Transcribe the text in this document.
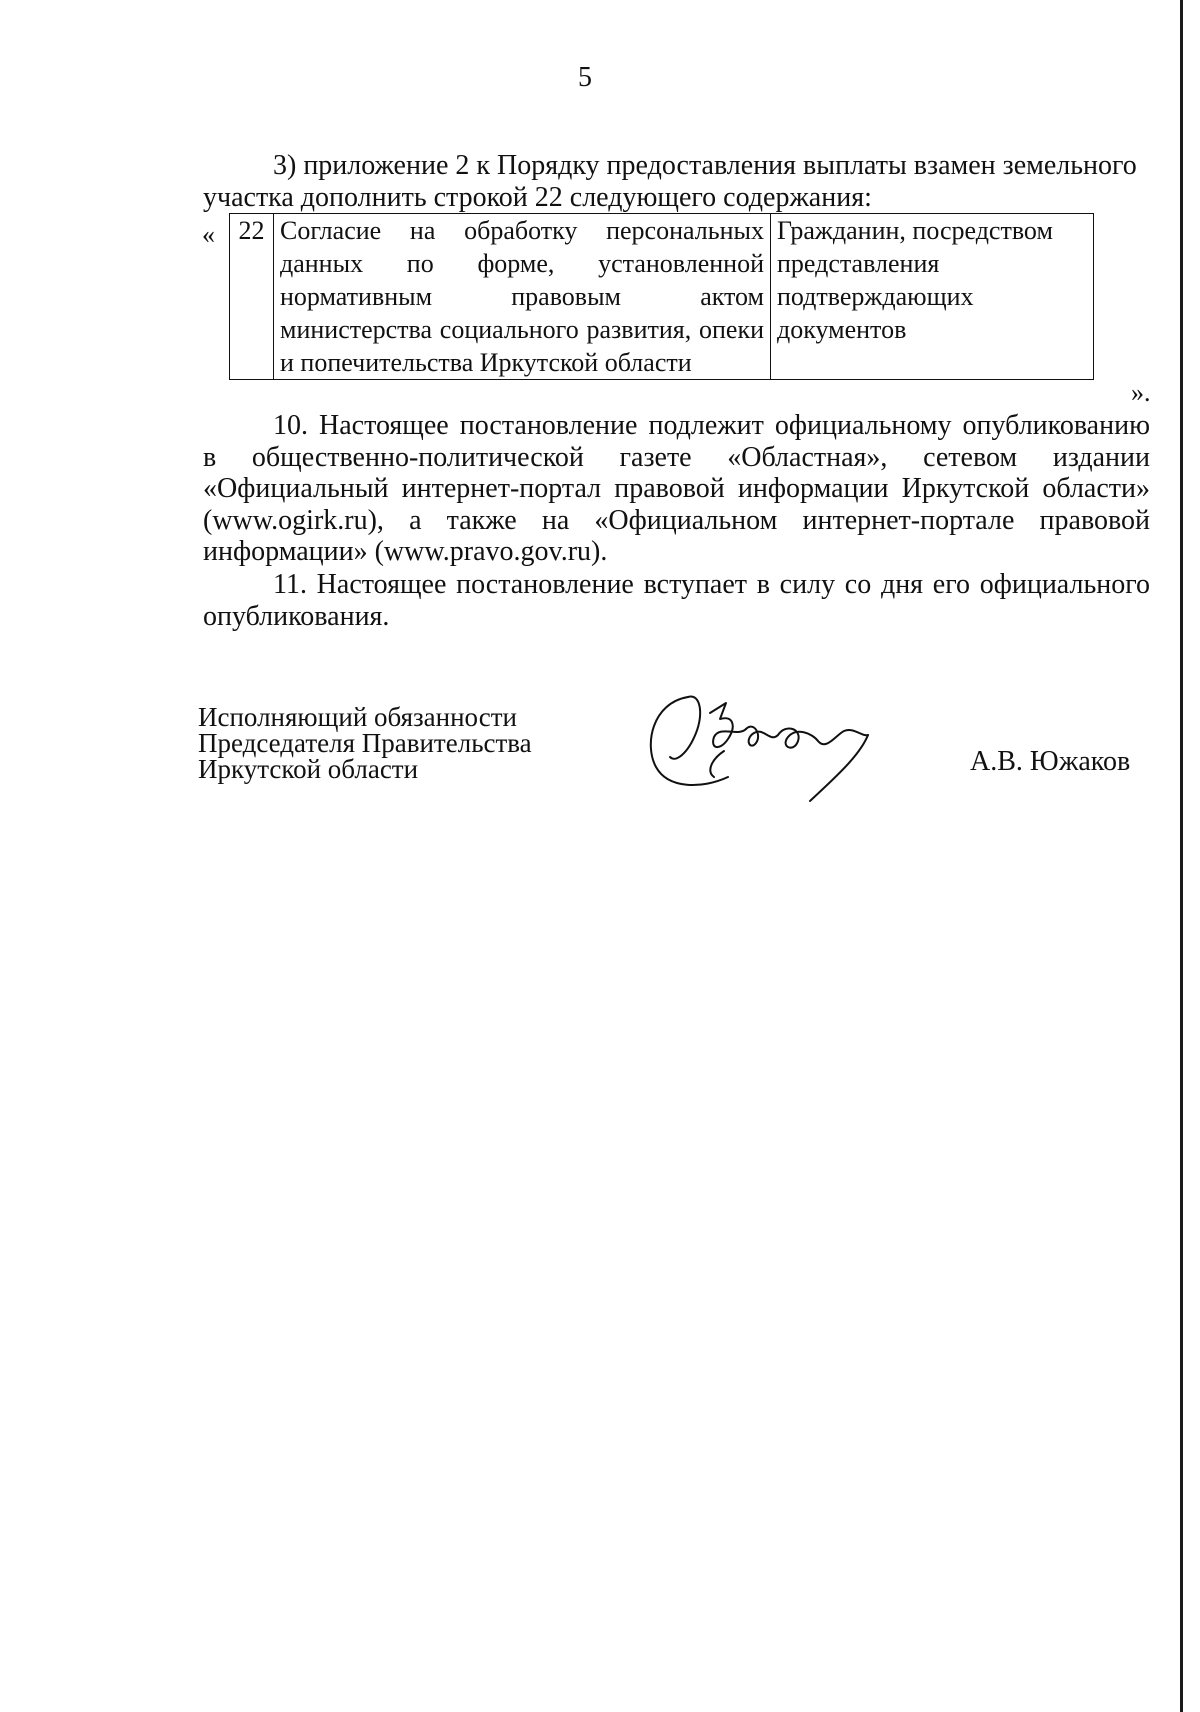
5
3) приложение 2 к Порядку предоставления выплаты взамен земельного
участка дополнить строкой 22 следующего содержания:
« 22	Согласие на обработку персональных данных по форме, установленной нормативным правовым актом министерства социального развития, опеки и попечительства Иркутской области	Гражданин, посредством представления подтверждающих документов
».
10. Настоящее постановление подлежит официальному опубликованию в общественно-политической газете «Областная», сетевом издании «Официальный интернет-портал правовой информации Иркутской области» (www.ogirk.ru), а также на «Официальном интернет-портале правовой информации» (www.pravo.gov.ru).
11. Настоящее постановление вступает в силу со дня его официального опубликования.
Исполняющий обязанности
Председателя Правительства
Иркутской области	А.В. Южаков
